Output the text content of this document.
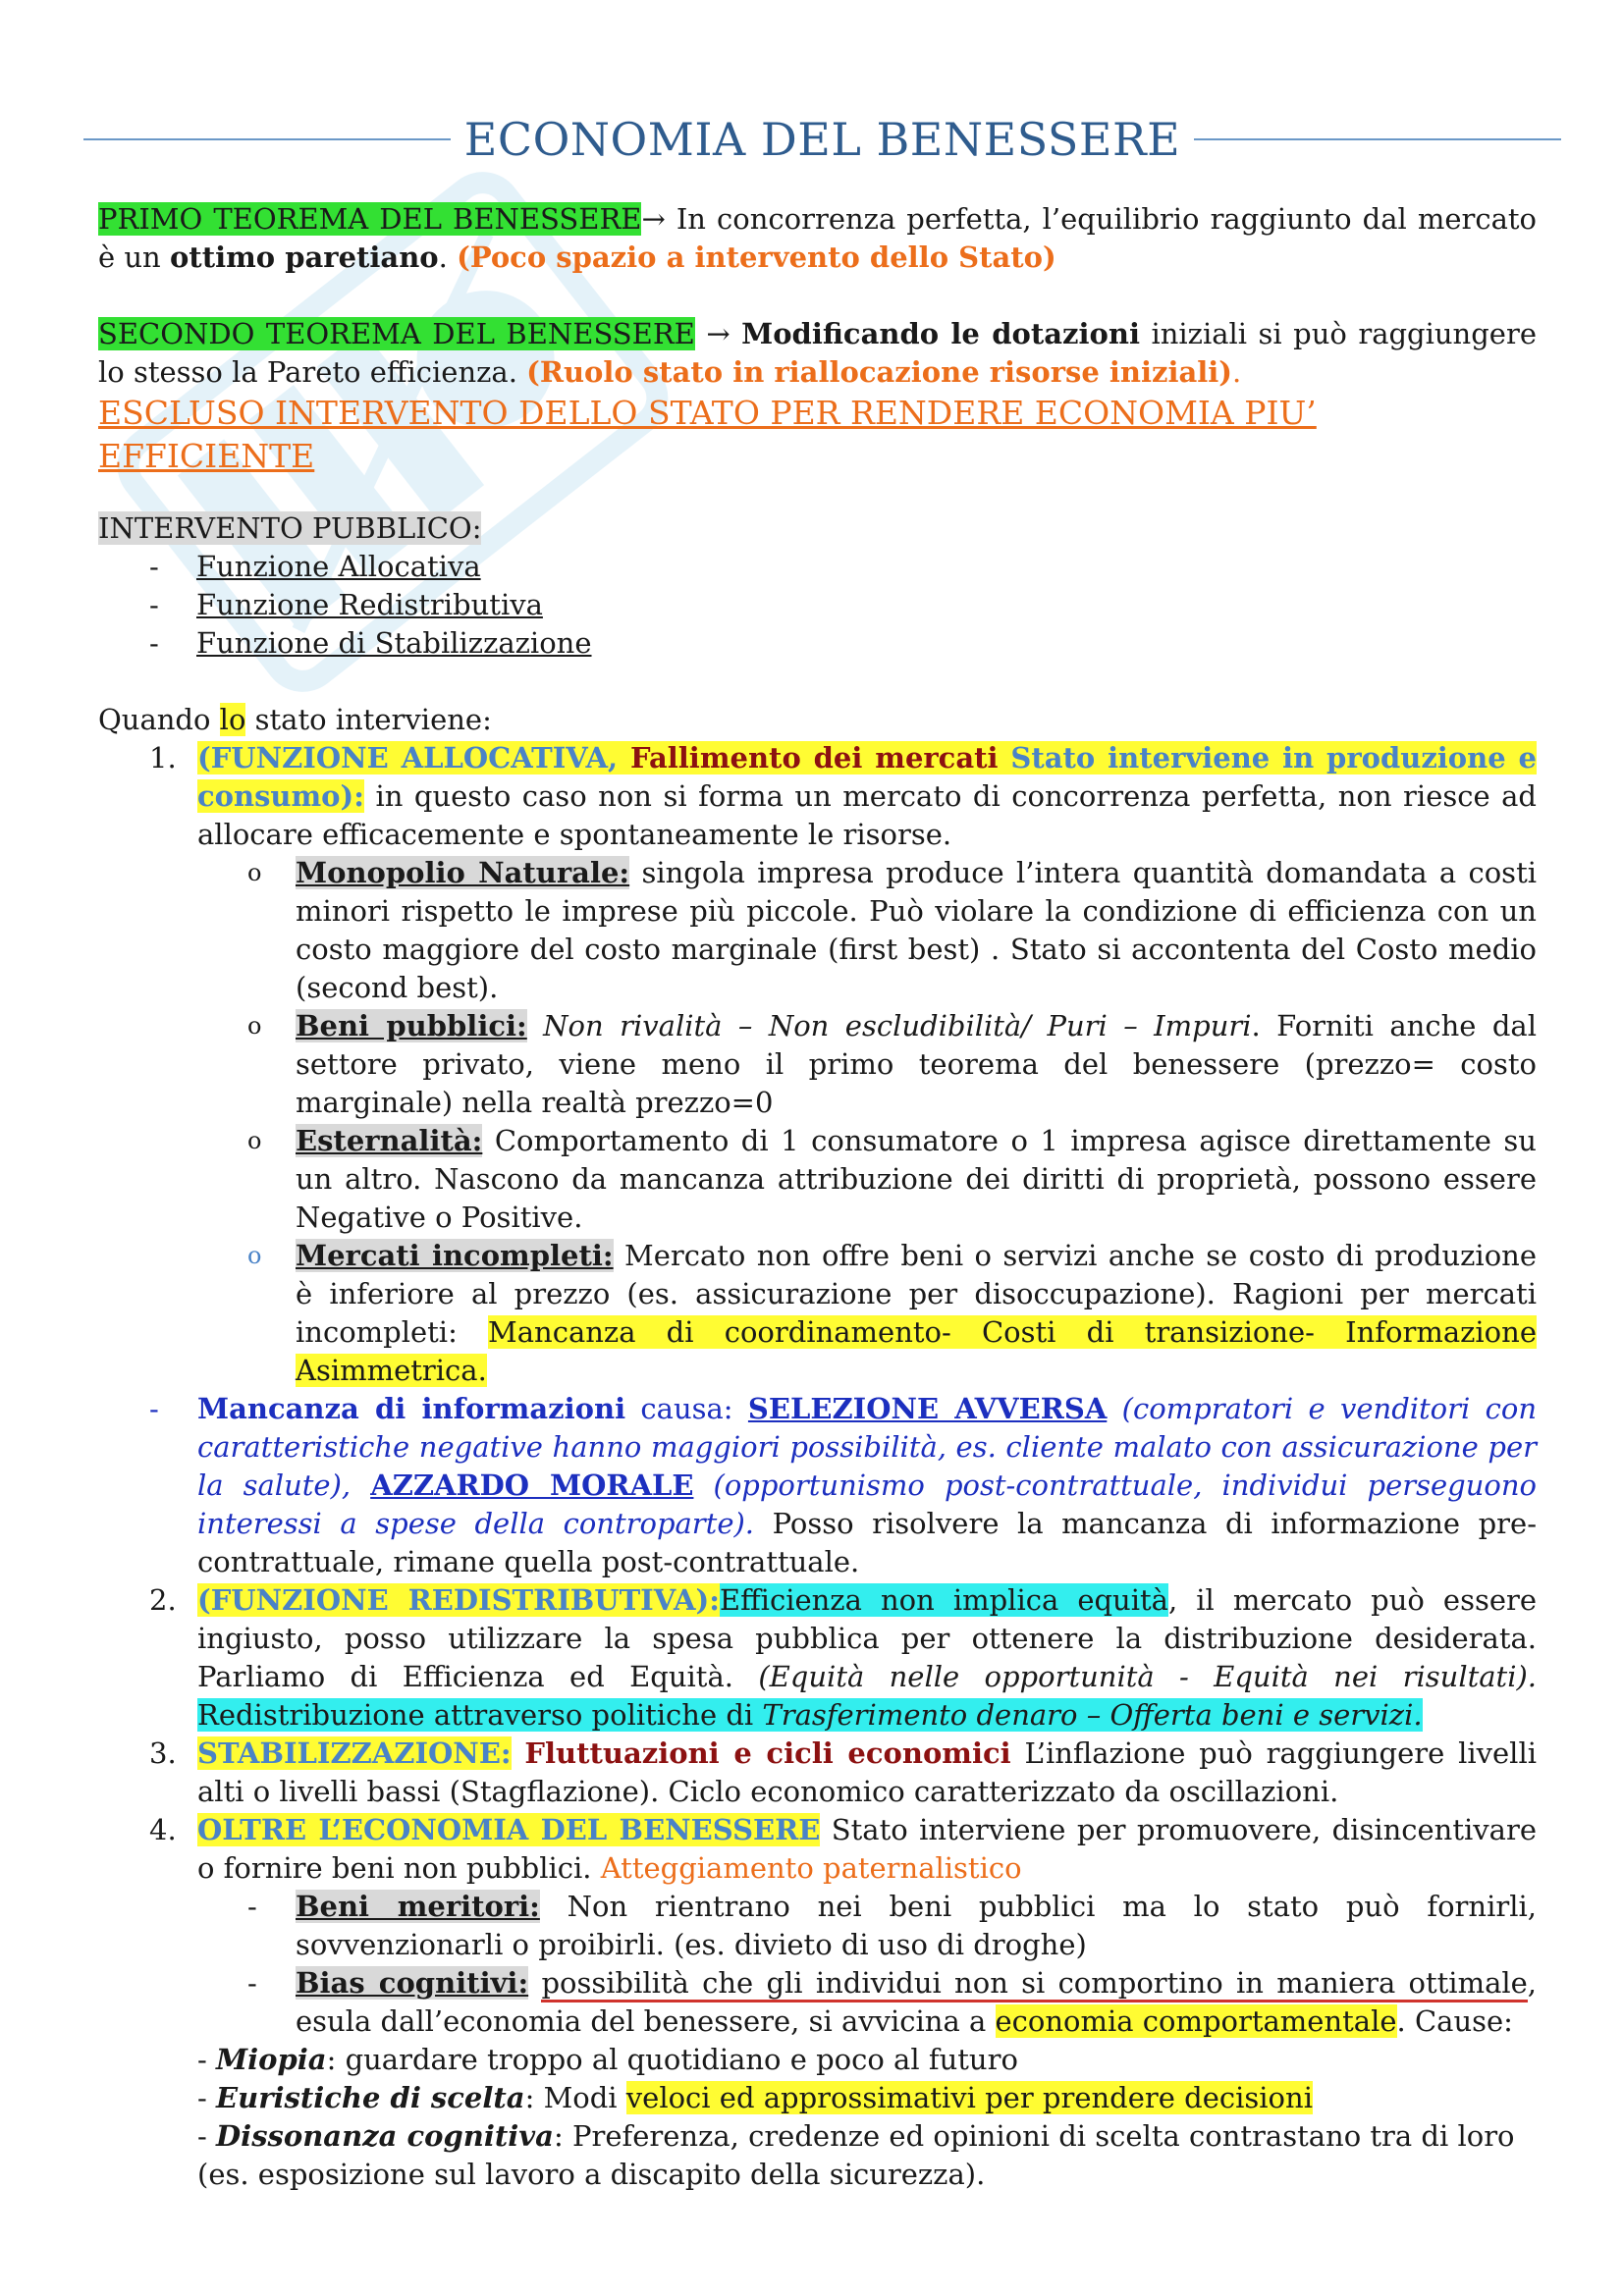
ECONOMIA DEL BENESSERE

PRIMO TEOREMA DEL BENESSERE→ In concorrenza perfetta, l’equilibrio raggiunto dal mercato è un ottimo paretiano. (Poco spazio a intervento dello Stato)

SECONDO TEOREMA DEL BENESSERE → Modificando le dotazioni iniziali si può raggiungere lo stesso la Pareto efficienza. (Ruolo stato in riallocazione risorse iniziali).

ESCLUSO INTERVENTO DELLO STATO PER RENDERE ECONOMIA PIU’ EFFICIENTE

INTERVENTO PUBBLICO:

- Funzione Allocativa
- Funzione Redistributiva
- Funzione di Stabilizzazione

Quando lo stato interviene:

1. (FUNZIONE ALLOCATIVA, Fallimento dei mercati Stato interviene in produzione e consumo): in questo caso non si forma un mercato di concorrenza perfetta, non riesce ad allocare efficacemente e spontaneamente le risorse.
o Monopolio Naturale: singola impresa produce l’intera quantità domandata a costi minori rispetto le imprese più piccole. Può violare la condizione di efficienza con un costo maggiore del costo marginale (first best) . Stato si accontenta del Costo medio (second best).
o Beni pubblici: Non rivalità – Non escludibilità/ Puri – Impuri. Forniti anche dal settore privato, viene meno il primo teorema del benessere (prezzo= costo marginale) nella realtà prezzo=0
o Esternalità: Comportamento di 1 consumatore o 1 impresa agisce direttamente su un altro. Nascono da mancanza attribuzione dei diritti di proprietà, possono essere Negative o Positive.
o Mercati incompleti: Mercato non offre beni o servizi anche se costo di produzione è inferiore al prezzo (es. assicurazione per disoccupazione). Ragioni per mercati incompleti: Mancanza di coordinamento- Costi di transizione- Informazione Asimmetrica.
- Mancanza di informazioni causa: SELEZIONE AVVERSA (compratori e venditori con caratteristiche negative hanno maggiori possibilità, es. cliente malato con assicurazione per la salute), AZZARDO MORALE (opportunismo post-contrattuale, individui perseguono interessi a spese della controparte). Posso risolvere la mancanza di informazione pre-contrattuale, rimane quella post-contrattuale.
2. (FUNZIONE REDISTRIBUTIVA):Efficienza non implica equità, il mercato può essere ingiusto, posso utilizzare la spesa pubblica per ottenere la distribuzione desiderata. Parliamo di Efficienza ed Equità. (Equità nelle opportunità - Equità nei risultati). Redistribuzione attraverso politiche di Trasferimento denaro – Offerta beni e servizi.
3. STABILIZZAZIONE: Fluttuazioni e cicli economici L’inflazione può raggiungere livelli alti o livelli bassi (Stagflazione). Ciclo economico caratterizzato da oscillazioni.
4. OLTRE L’ECONOMIA DEL BENESSERE Stato interviene per promuovere, disincentivare o fornire beni non pubblici. Atteggiamento paternalistico
- Beni meritori: Non rientrano nei beni pubblici ma lo stato può fornirli, sovvenzionarli o proibirli. (es. divieto di uso di droghe)
- Bias cognitivi: possibilità che gli individui non si comportino in maniera ottimale, esula dall’economia del benessere, si avvicina a economia comportamentale. Cause:

- Miopia: guardare troppo al quotidiano e poco al futuro

- Euristiche di scelta: Modi veloci ed approssimativi per prendere decisioni

- Dissonanza cognitiva: Preferenza, credenze ed opinioni di scelta contrastano tra di loro (es. esposizione sul lavoro a discapito della sicurezza).
